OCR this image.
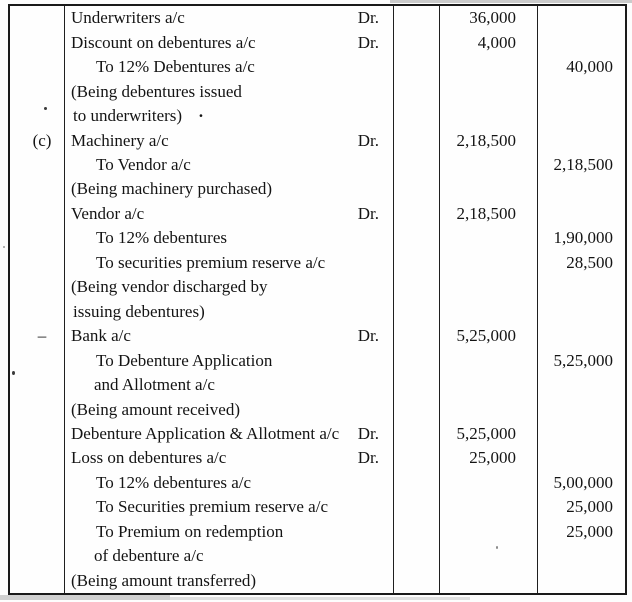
Underwriters a/c	Dr.	36,000
Discount on debentures a/c	Dr.	4,000
To 12% Debentures a/c	40,000
(Being debentures issued
to underwriters) ·
(c) Machinery a/c	Dr.	2,18,500
To Vendor a/c	2,18,500
(Being machinery purchased)
Vendor a/c	Dr.	2,18,500
To 12% debentures	1,90,000
To securities premium reserve a/c	28,500
(Being vendor discharged by
issuing debentures)
– Bank a/c	Dr.	5,25,000
To Debenture Application	5,25,000
and Allotment a/c
(Being amount received)
Debenture Application & Allotment a/c Dr.	5,25,000
Loss on debentures a/c	Dr.	25,000
To 12% debentures a/c	5,00,000
To Securities premium reserve a/c	25,000
To Premium on redemption	25,000
of debenture a/c
(Being amount transferred)
